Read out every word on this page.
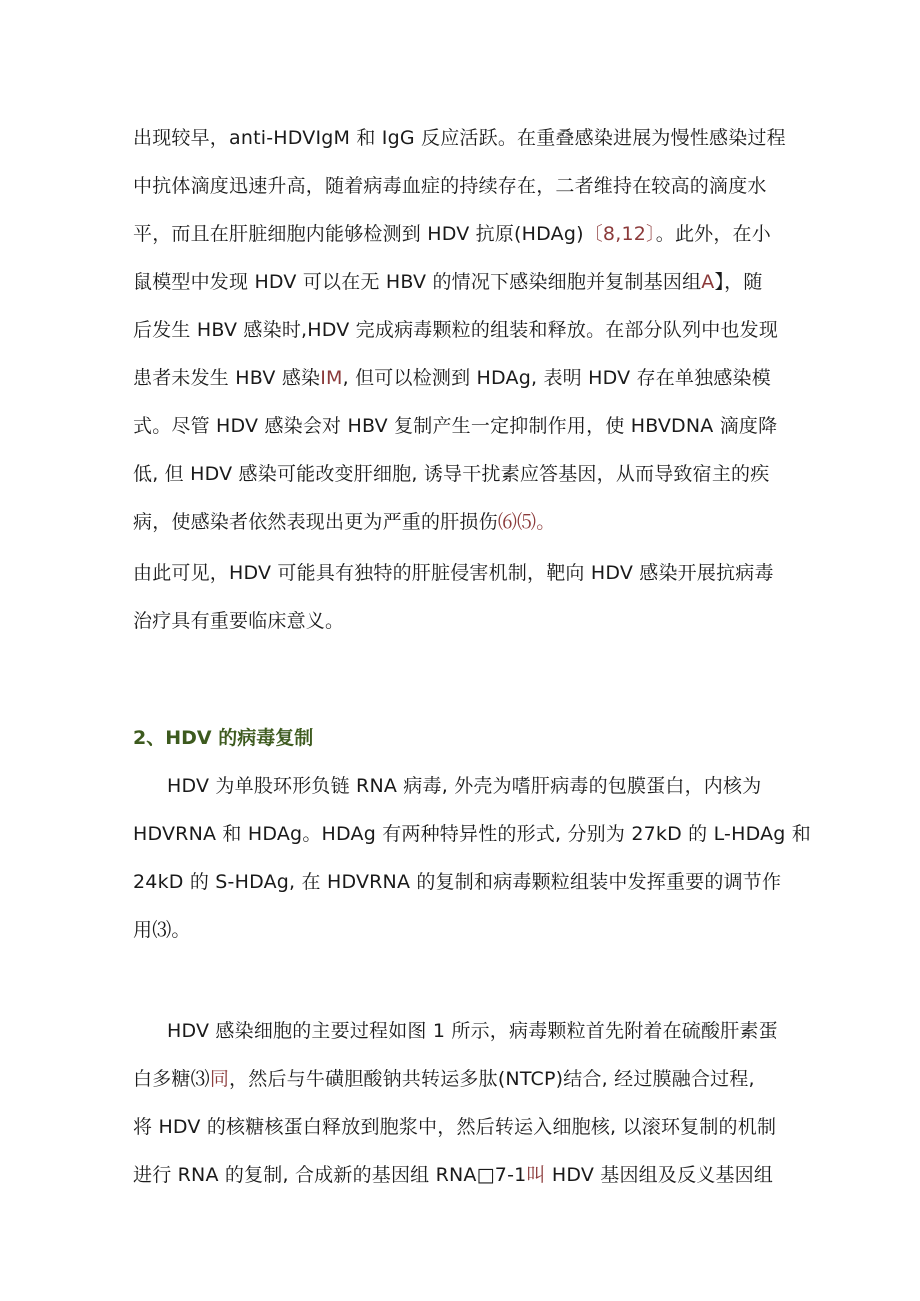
出现较早，anti-HDVIgM 和 IgG 反应活跃。在重叠感染进展为慢性感染过程
中抗体滴度迅速升高，随着病毒血症的持续存在，二者维持在较高的滴度水
平，而且在肝脏细胞内能够检测到 HDV 抗原(HDAg)〔8,12〕。此外，在小
鼠模型中发现 HDV 可以在无 HBV 的情况下感染细胞并复制基因组A】，随
后发生 HBV 感染时,HDV 完成病毒颗粒的组装和释放。在部分队列中也发现
患者未发生 HBV 感染IM, 但可以检测到 HDAg, 表明 HDV 存在单独感染模
式。尽管 HDV 感染会对 HBV 复制产生一定抑制作用，使 HBVDNA 滴度降
低, 但 HDV 感染可能改变肝细胞, 诱导干扰素应答基因，从而导致宿主的疾
病，使感染者依然表现出更为严重的肝损伤⑹⑸。
由此可见，HDV 可能具有独特的肝脏侵害机制，靶向 HDV 感染开展抗病毒
治疗具有重要临床意义。
2、HDV 的病毒复制
HDV 为单股环形负链 RNA 病毒, 外壳为嗜肝病毒的包膜蛋白，内核为
HDVRNA 和 HDAg。HDAg 有两种特异性的形式, 分别为 27kD 的 L-HDAg 和
24kD 的 S-HDAg, 在 HDVRNA 的复制和病毒颗粒组装中发挥重要的调节作
用⑶。
HDV 感染细胞的主要过程如图 1 所示，病毒颗粒首先附着在硫酸肝素蛋
白多糖⑶同，然后与牛磺胆酸钠共转运多肽(NTCP)结合, 经过膜融合过程,
将 HDV 的核糖核蛋白释放到胞浆中，然后转运入细胞核, 以滚环复制的机制
进行 RNA 的复制, 合成新的基因组 RNA□7-1叫 HDV 基因组及反义基因组
